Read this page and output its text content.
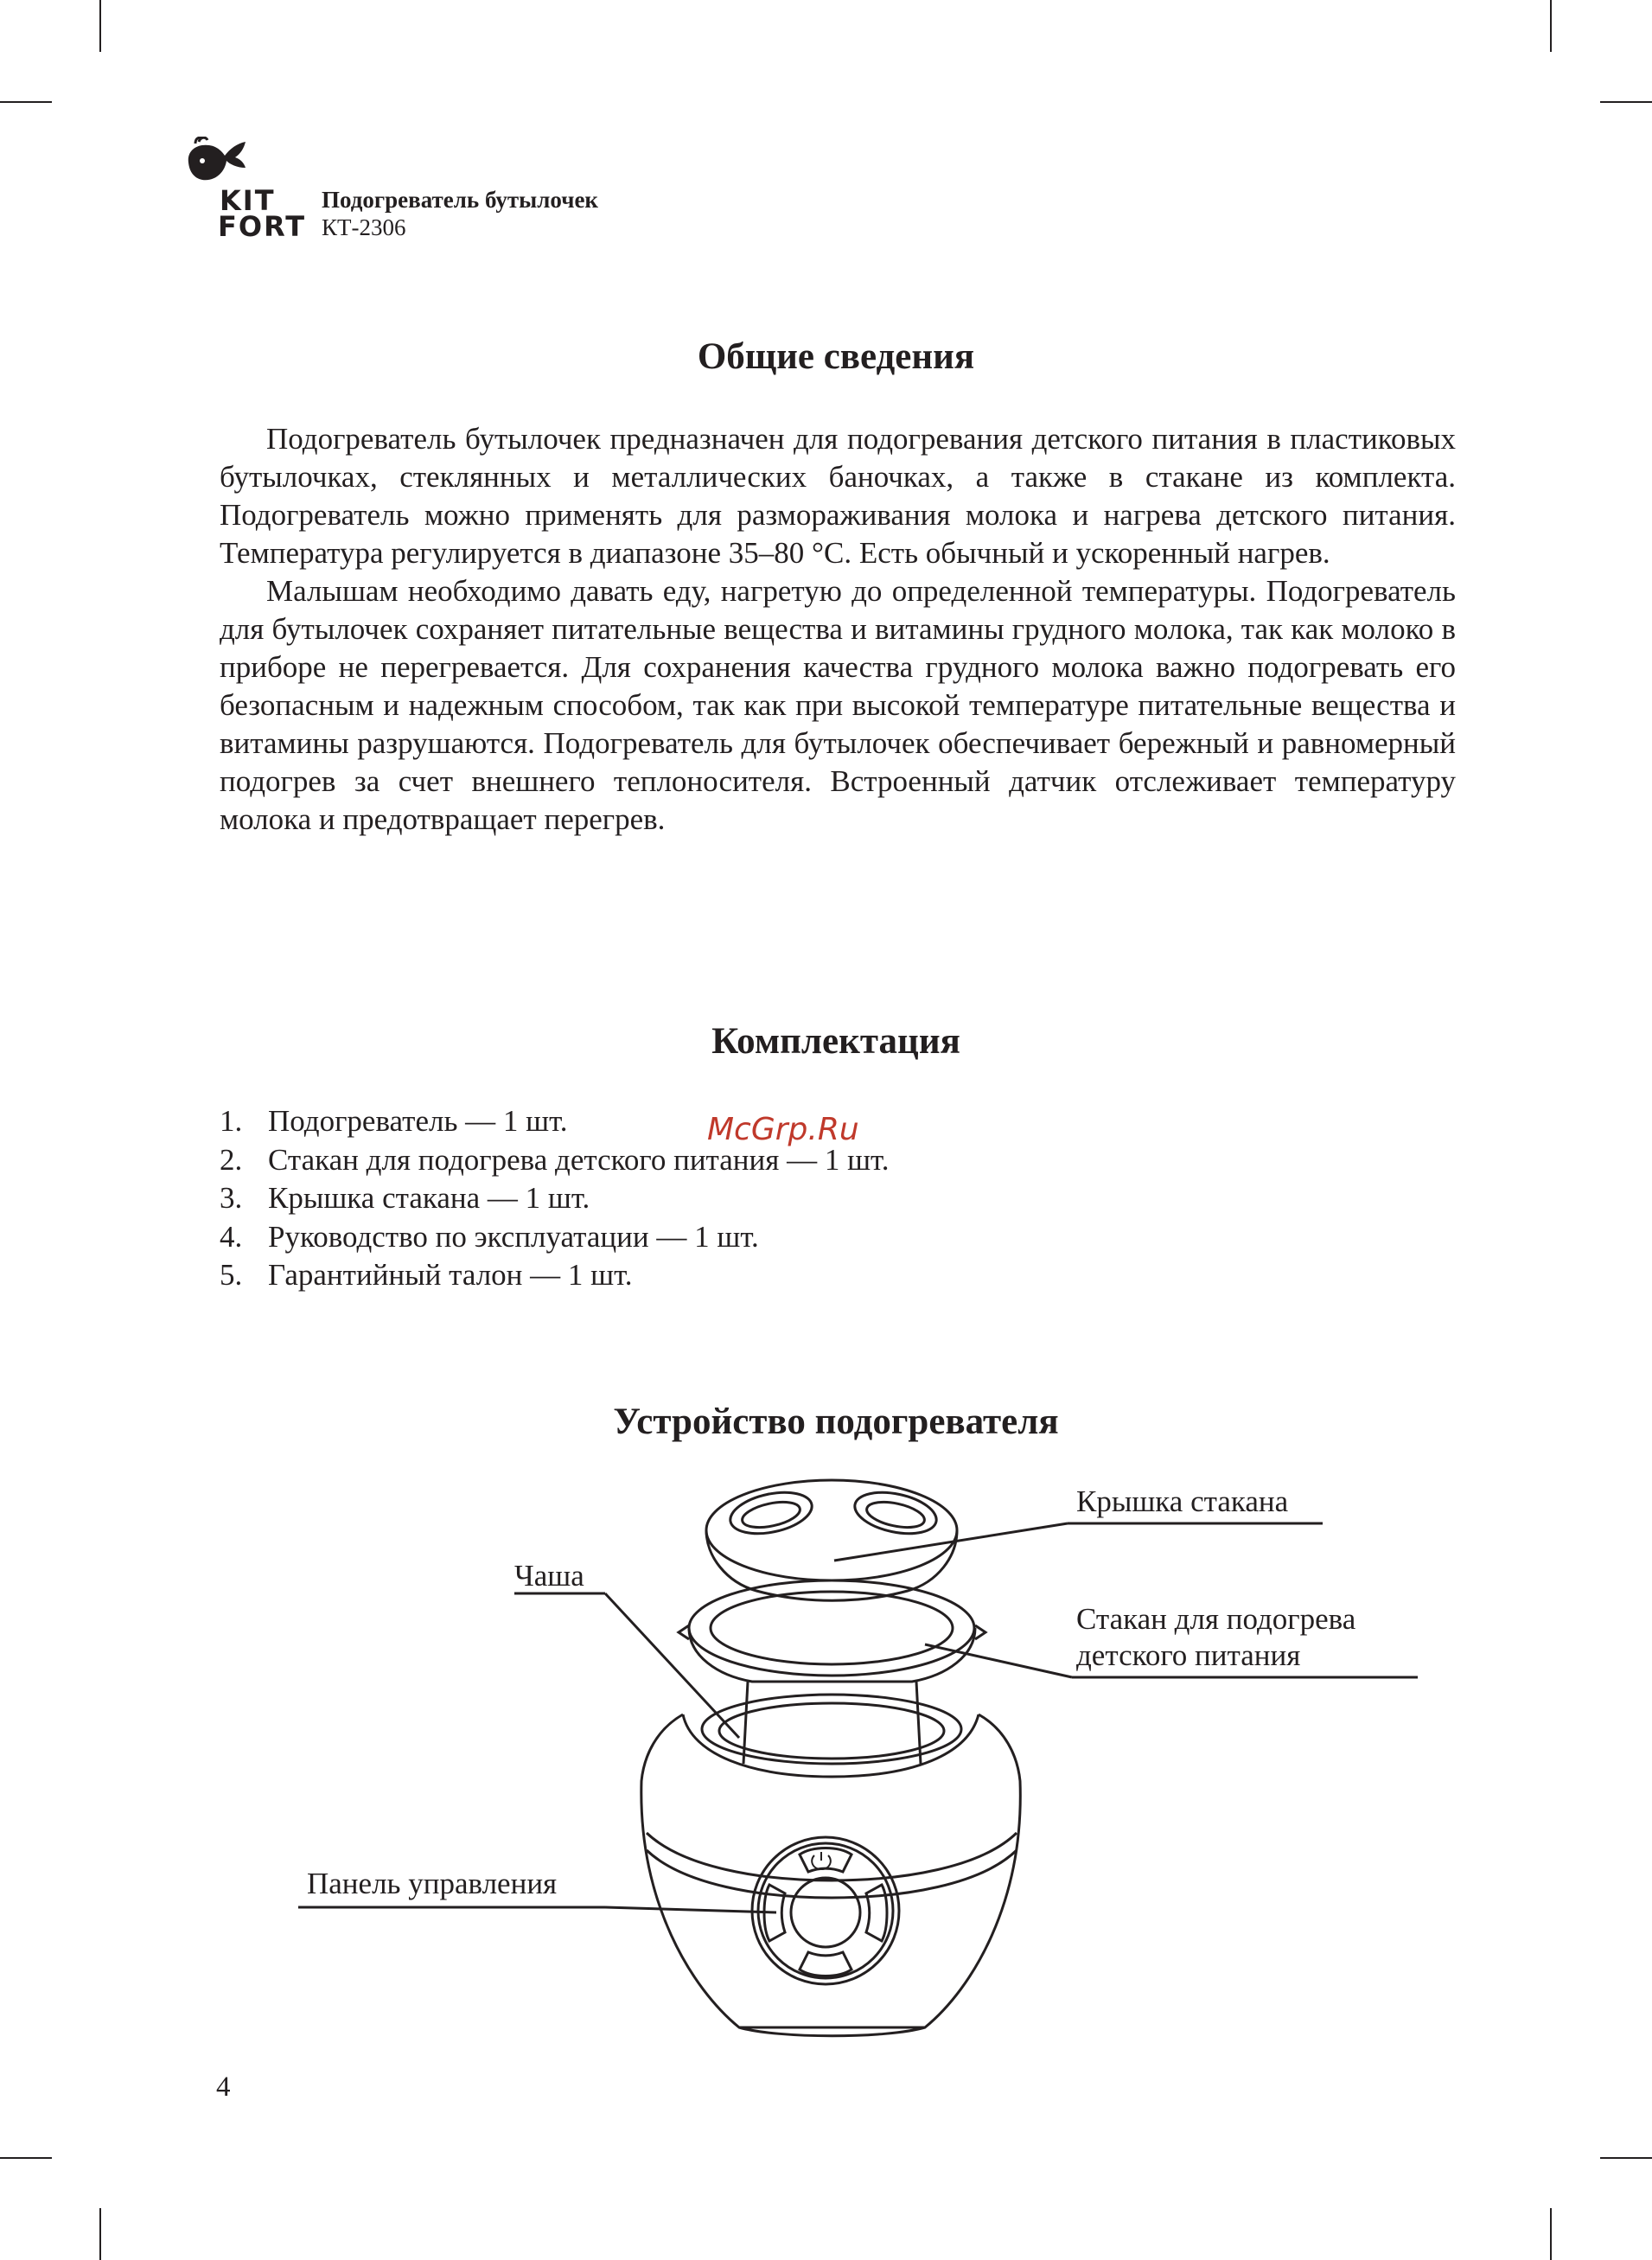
KIT
FORT
Подогреватель бутылочек
КТ-2306
Общие сведения

Подогреватель бутылочек предназначен для подогревания детского питания в пластиковых бутылочках, стеклянных и металлических баночках, а также в стакане из комплекта. Подогреватель можно применять для размораживания молока и нагрева детского питания. Температура регулируется в диапазоне 35–80 °С. Есть обычный и ускоренный нагрев.

Малышам необходимо давать еду, нагретую до определенной температуры. Подогреватель для бутылочек сохраняет питательные вещества и витамины грудного молока, так как молоко в приборе не перегревается. Для сохранения качества грудного молока важно подогревать его безопасным и надежным способом, так как при высокой температуре питательные вещества и витамины разрушаются. Подогреватель для бутылочек обеспечивает бережный и равномерный подогрев за счет внешнего теплоносителя. Встроенный датчик отслеживает температуру молока и предотвращает перегрев.

Комплектация
1. Подогреватель — 1 шт.
2. Стакан для подогрева детского питания — 1 шт.
3. Крышка стакана — 1 шт.
4. Руководство по эксплуатации — 1 шт.
5. Гарантийный талон — 1 шт.
McGrp.Ru
Устройство подогревателя
Крышка стакана
Чаша
Стакан для подогрева
детского питания
Панель управления
4
